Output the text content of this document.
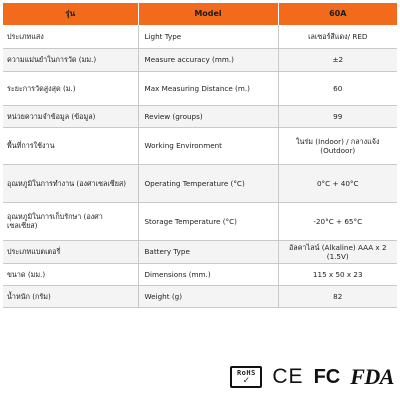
รุ่น	Model	60A
ประเภทแสง	Light Type	เลเซอร์สีแดง/ RED
ความแม่นยำในการวัด (มม.)	Measure accuracy (mm.)	±2
ระยะการวัดสูงสุด (ม.)	Max Measuring Distance (m.)	60
หน่วยความจำข้อมูล (ข้อมูล)	Review (groups)	99
พื้นที่การใช้งาน	Working Environment	ในร่ม (Indoor) / กลางแจ้ง (Outdoor)
อุณหภูมิในการทำงาน (องศาเซลเซียส)	Operating Temperature (°C)	0°C + 40°C
อุณหภูมิในการเก็บรักษา (องศาเซลเซียส)	Storage Temperature (°C)	-20°C + 65°C
ประเภทแบตเตอรี่	Battery Type	อัลคาไลน์ (Alkaline) AAA x 2 (1.5V)
ขนาด (มม.)	Dimensions (mm.)	115 x 50 x 23
น้ำหนัก (กรัม)	Weight (g)	82
RoHS
✓ CE FC FDA
